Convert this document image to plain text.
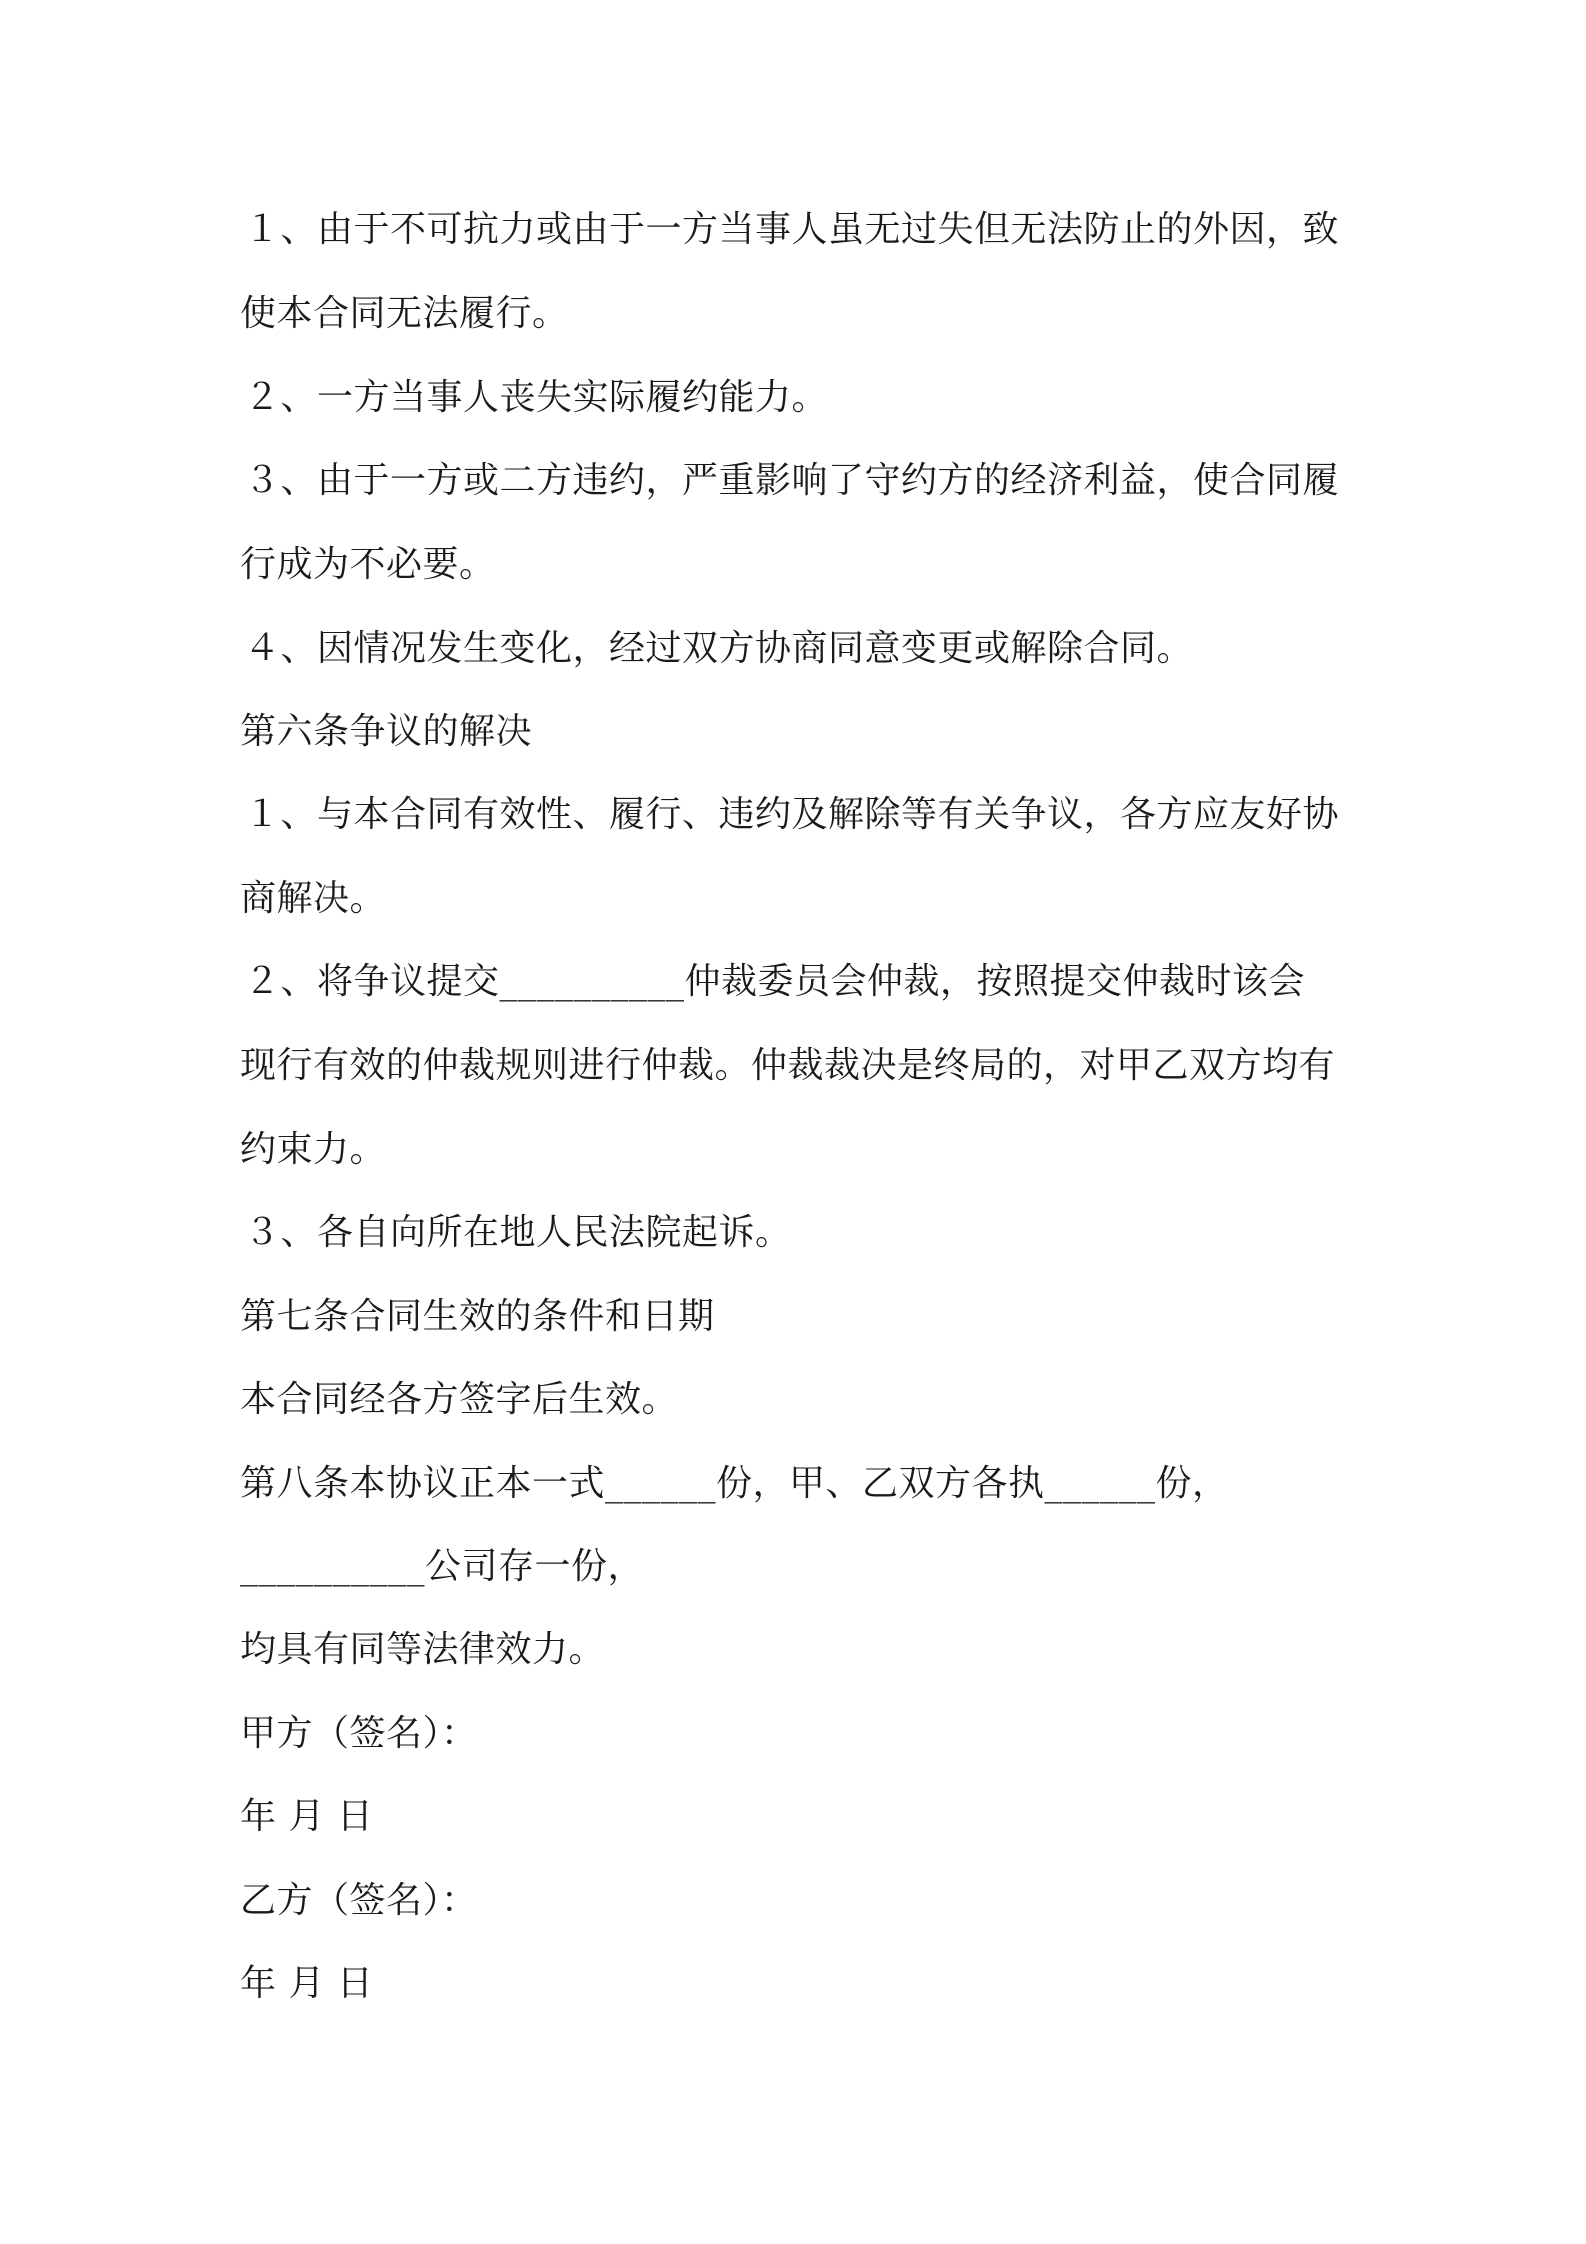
１、由于不可抗力或由于一方当事人虽无过失但无法防止的外因，致
使本合同无法履行。
２、一方当事人丧失实际履约能力。
３、由于一方或二方违约，严重影响了守约方的经济利益，使合同履
行成为不必要。
４、因情况发生变化，经过双方协商同意变更或解除合同。
第六条争议的解决
１、与本合同有效性、履行、违约及解除等有关争议，各方应友好协
商解决。
２、将争议提交__________仲裁委员会仲裁，按照提交仲裁时该会
现行有效的仲裁规则进行仲裁。仲裁裁决是终局的，对甲乙双方均有
约束力。
３、各自向所在地人民法院起诉。
第七条合同生效的条件和日期
本合同经各方签字后生效。
第八条本协议正本一式______份，甲、乙双方各执______份，
__________公司存一份，
均具有同等法律效力。
甲方（签名）：
年 月 日
乙方（签名）：
年 月 日
